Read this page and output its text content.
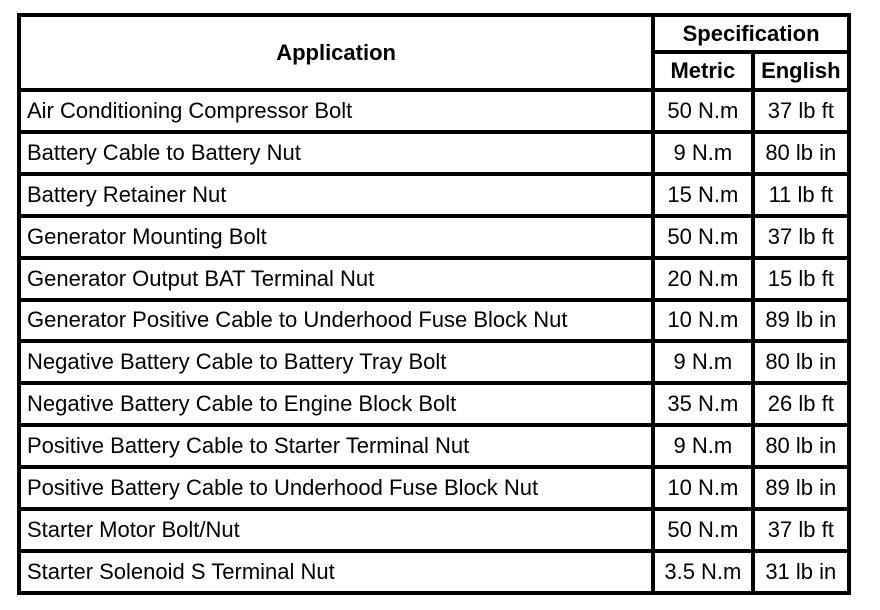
Application	Specification	
	Metric	English
Air Conditioning Compressor Bolt	50 N.m	37 lb ft
Battery Cable to Battery Nut	9 N.m	80 lb in
Battery Retainer Nut	15 N.m	11 lb ft
Generator Mounting Bolt	50 N.m	37 lb ft
Generator Output BAT Terminal Nut	20 N.m	15 lb ft
Generator Positive Cable to Underhood Fuse Block Nut	10 N.m	89 lb in
Negative Battery Cable to Battery Tray Bolt	9 N.m	80 lb in
Negative Battery Cable to Engine Block Bolt	35 N.m	26 lb ft
Positive Battery Cable to Starter Terminal Nut	9 N.m	80 lb in
Positive Battery Cable to Underhood Fuse Block Nut	10 N.m	89 lb in
Starter Motor Bolt/Nut	50 N.m	37 lb ft
Starter Solenoid S Terminal Nut	3.5 N.m	31 lb in
